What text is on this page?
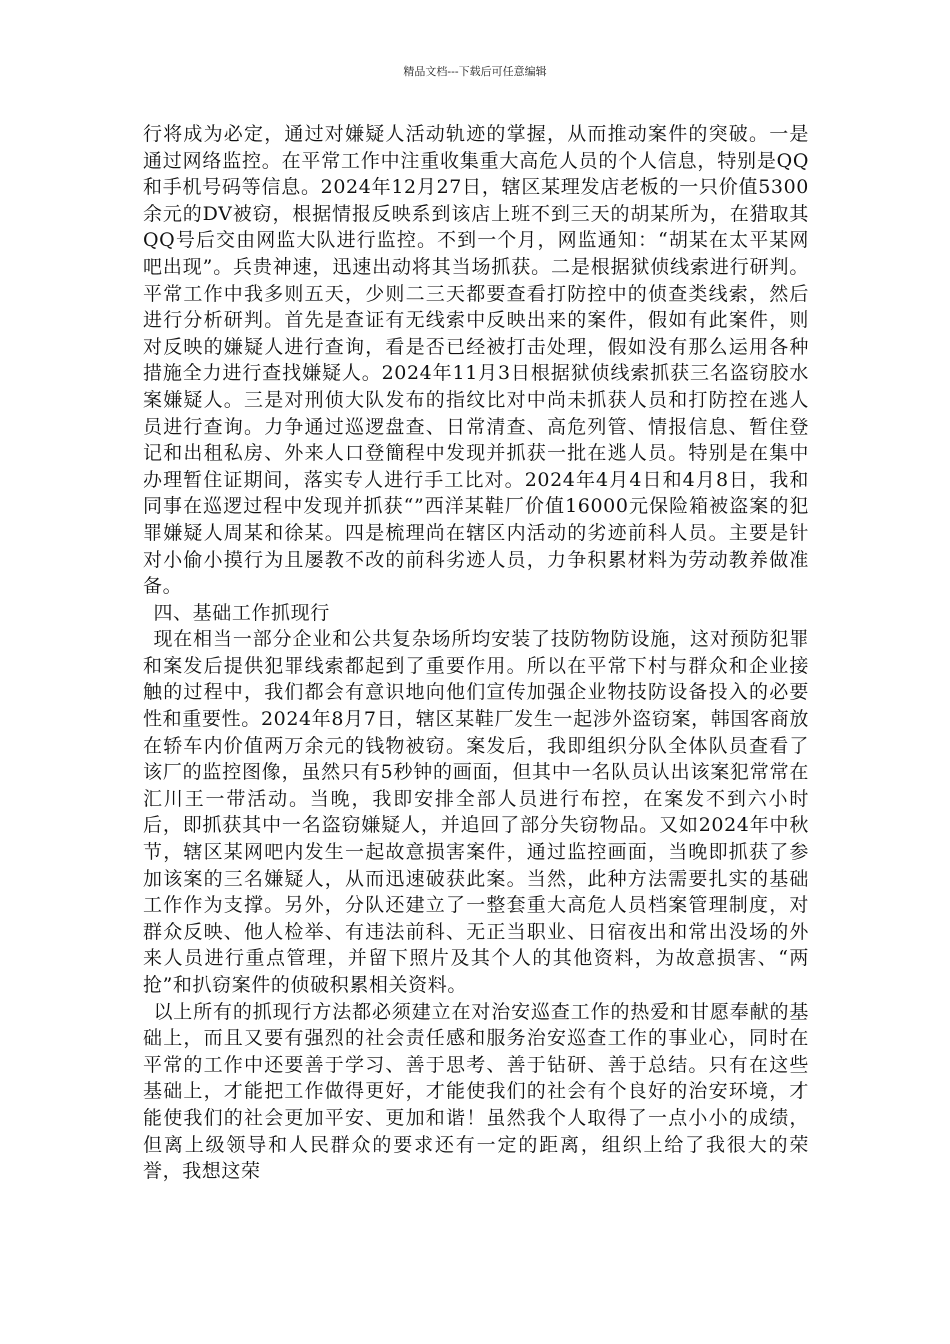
精品文档---下载后可任意编辑

行将成为必定，通过对嫌疑人活动轨迹的掌握，从而推动案件的突破。一是通过网络监控。在平常工作中注重收集重大高危人员的个人信息，特别是QQ和手机号码等信息。2024年12月27日，辖区某理发店老板的一只价值5300余元的DV被窃，根据情报反映系到该店上班不到三天的胡某所为，在猎取其QQ号后交由网监大队进行监控。不到一个月，网监通知：“胡某在太平某网吧出现”。兵贵神速，迅速出动将其当场抓获。二是根据狱侦线索进行研判。平常工作中我多则五天，少则二三天都要查看打防控中的侦查类线索，然后进行分析研判。首先是查证有无线索中反映出来的案件，假如有此案件，则对反映的嫌疑人进行查询，看是否已经被打击处理，假如没有那么运用各种措施全力进行查找嫌疑人。2024年11月3日根据狱侦线索抓获三名盗窃胶水案嫌疑人。三是对刑侦大队发布的指纹比对中尚未抓获人员和打防控在逃人员进行查询。力争通过巡逻盘查、日常清查、高危列管、情报信息、暂住登记和出租私房、外来人口登簡程中发现并抓获一批在逃人员。特别是在集中办理暂住证期间，落实专人进行手工比对。2024年4月4日和4月8日，我和同事在巡逻过程中发现并抓获“”西洋某鞋厂价值16000元保险箱被盗案的犯罪嫌疑人周某和徐某。四是梳理尚在辖区内活动的劣迹前科人员。主要是针对小偷小摸行为且屡教不改的前科劣迹人员，力争积累材料为劳动教养做准备。

四、基础工作抓现行

现在相当一部分企业和公共复杂场所均安装了技防物防设施，这对预防犯罪和案发后提供犯罪线索都起到了重要作用。所以在平常下村与群众和企业接触的过程中，我们都会有意识地向他们宣传加强企业物技防设备投入的必要性和重要性。2024年8月7日，辖区某鞋厂发生一起涉外盗窃案，韩国客商放在轿车内价值两万余元的钱物被窃。案发后，我即组织分队全体队员查看了该厂的监控图像，虽然只有5秒钟的画面，但其中一名队员认出该案犯常常在汇川王一带活动。当晚，我即安排全部人员进行布控，在案发不到六小时后，即抓获其中一名盗窃嫌疑人，并追回了部分失窃物品。又如2024年中秋节，辖区某网吧内发生一起故意损害案件，通过监控画面，当晚即抓获了参加该案的三名嫌疑人，从而迅速破获此案。当然，此种方法需要扎实的基础工作作为支撑。另外，分队还建立了一整套重大高危人员档案管理制度，对群众反映、他人检举、有违法前科、无正当职业、日宿夜出和常出没场的外来人员进行重点管理，并留下照片及其个人的其他资料，为故意损害、“两抢”和扒窃案件的侦破积累相关资料。

以上所有的抓现行方法都必须建立在对治安巡查工作的热爱和甘愿奉献的基础上，而且又要有强烈的社会责任感和服务治安巡查工作的事业心，同时在平常的工作中还要善于学习、善于思考、善于钻研、善于总结。只有在这些基础上，才能把工作做得更好，才能使我们的社会有个良好的治安环境，才能使我们的社会更加平安、更加和谐！虽然我个人取得了一点小小的成绩，但离上级领导和人民群众的要求还有一定的距离，组织上给了我很大的荣誉，我想这荣
